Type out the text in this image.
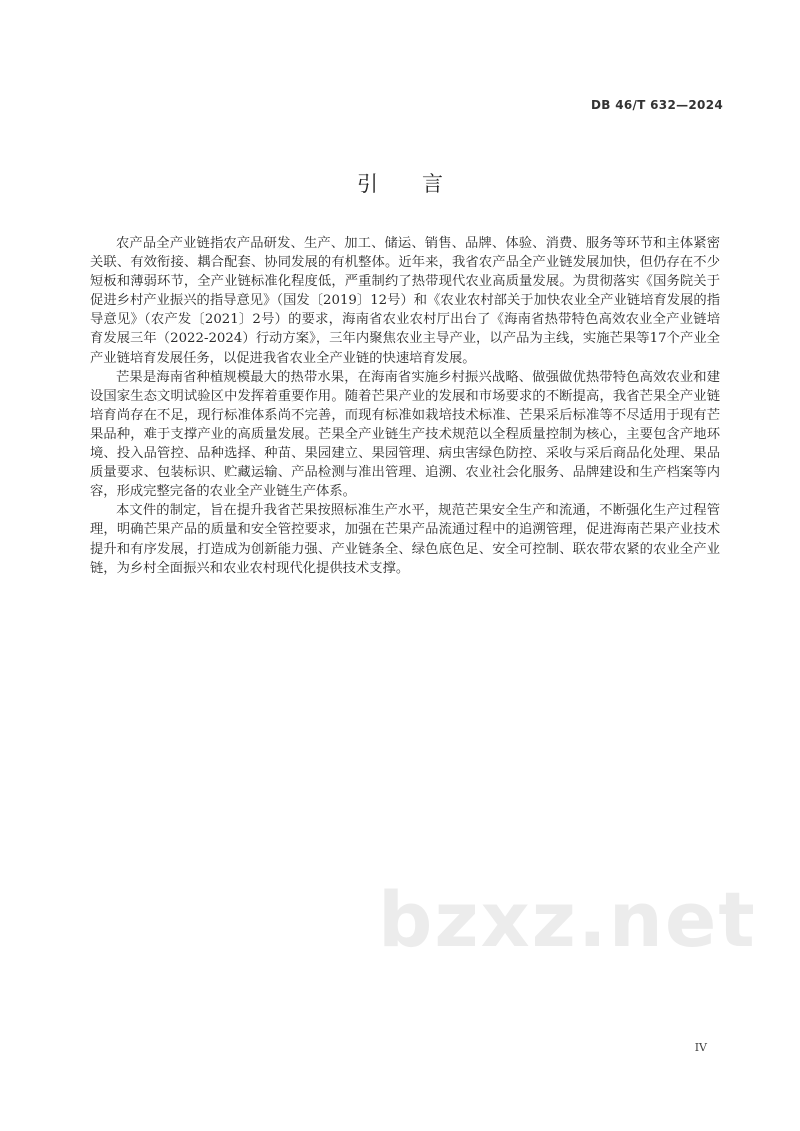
DB 46/T 632—2024
引言

农产品全产业链指农产品研发、生产、加工、储运、销售、品牌、体验、消费、服务等环节和主体紧密关联、有效衔接、耦合配套、协同发展的有机整体。近年来，我省农产品全产业链发展加快，但仍存在不少短板和薄弱环节，全产业链标准化程度低，严重制约了热带现代农业高质量发展。为贯彻落实《国务院关于促进乡村产业振兴的指导意见》（国发〔2019〕12号）和《农业农村部关于加快农业全产业链培育发展的指导意见》（农产发〔2021〕2号）的要求，海南省农业农村厅出台了《海南省热带特色高效农业全产业链培育发展三年（2022-2024）行动方案》，三年内聚焦农业主导产业，以产品为主线，实施芒果等17个产业全产业链培育发展任务，以促进我省农业全产业链的快速培育发展。

芒果是海南省种植规模最大的热带水果，在海南省实施乡村振兴战略、做强做优热带特色高效农业和建设国家生态文明试验区中发挥着重要作用。随着芒果产业的发展和市场要求的不断提高，我省芒果全产业链培育尚存在不足，现行标准体系尚不完善，而现有标准如栽培技术标准、芒果采后标准等不尽适用于现有芒果品种，难于支撑产业的高质量发展。芒果全产业链生产技术规范以全程质量控制为核心，主要包含产地环境、投入品管控、品种选择、种苗、果园建立、果园管理、病虫害绿色防控、采收与采后商品化处理、果品质量要求、包装标识、贮藏运输、产品检测与准出管理、追溯、农业社会化服务、品牌建设和生产档案等内容，形成完整完备的农业全产业链生产体系。

本文件的制定，旨在提升我省芒果按照标准生产水平，规范芒果安全生产和流通，不断强化生产过程管理，明确芒果产品的质量和安全管控要求，加强在芒果产品流通过程中的追溯管理，促进海南芒果产业技术提升和有序发展，打造成为创新能力强、产业链条全、绿色底色足、安全可控制、联农带农紧的农业全产业链，为乡村全面振兴和农业农村现代化提供技术支撑。

bzxz.net
IV
